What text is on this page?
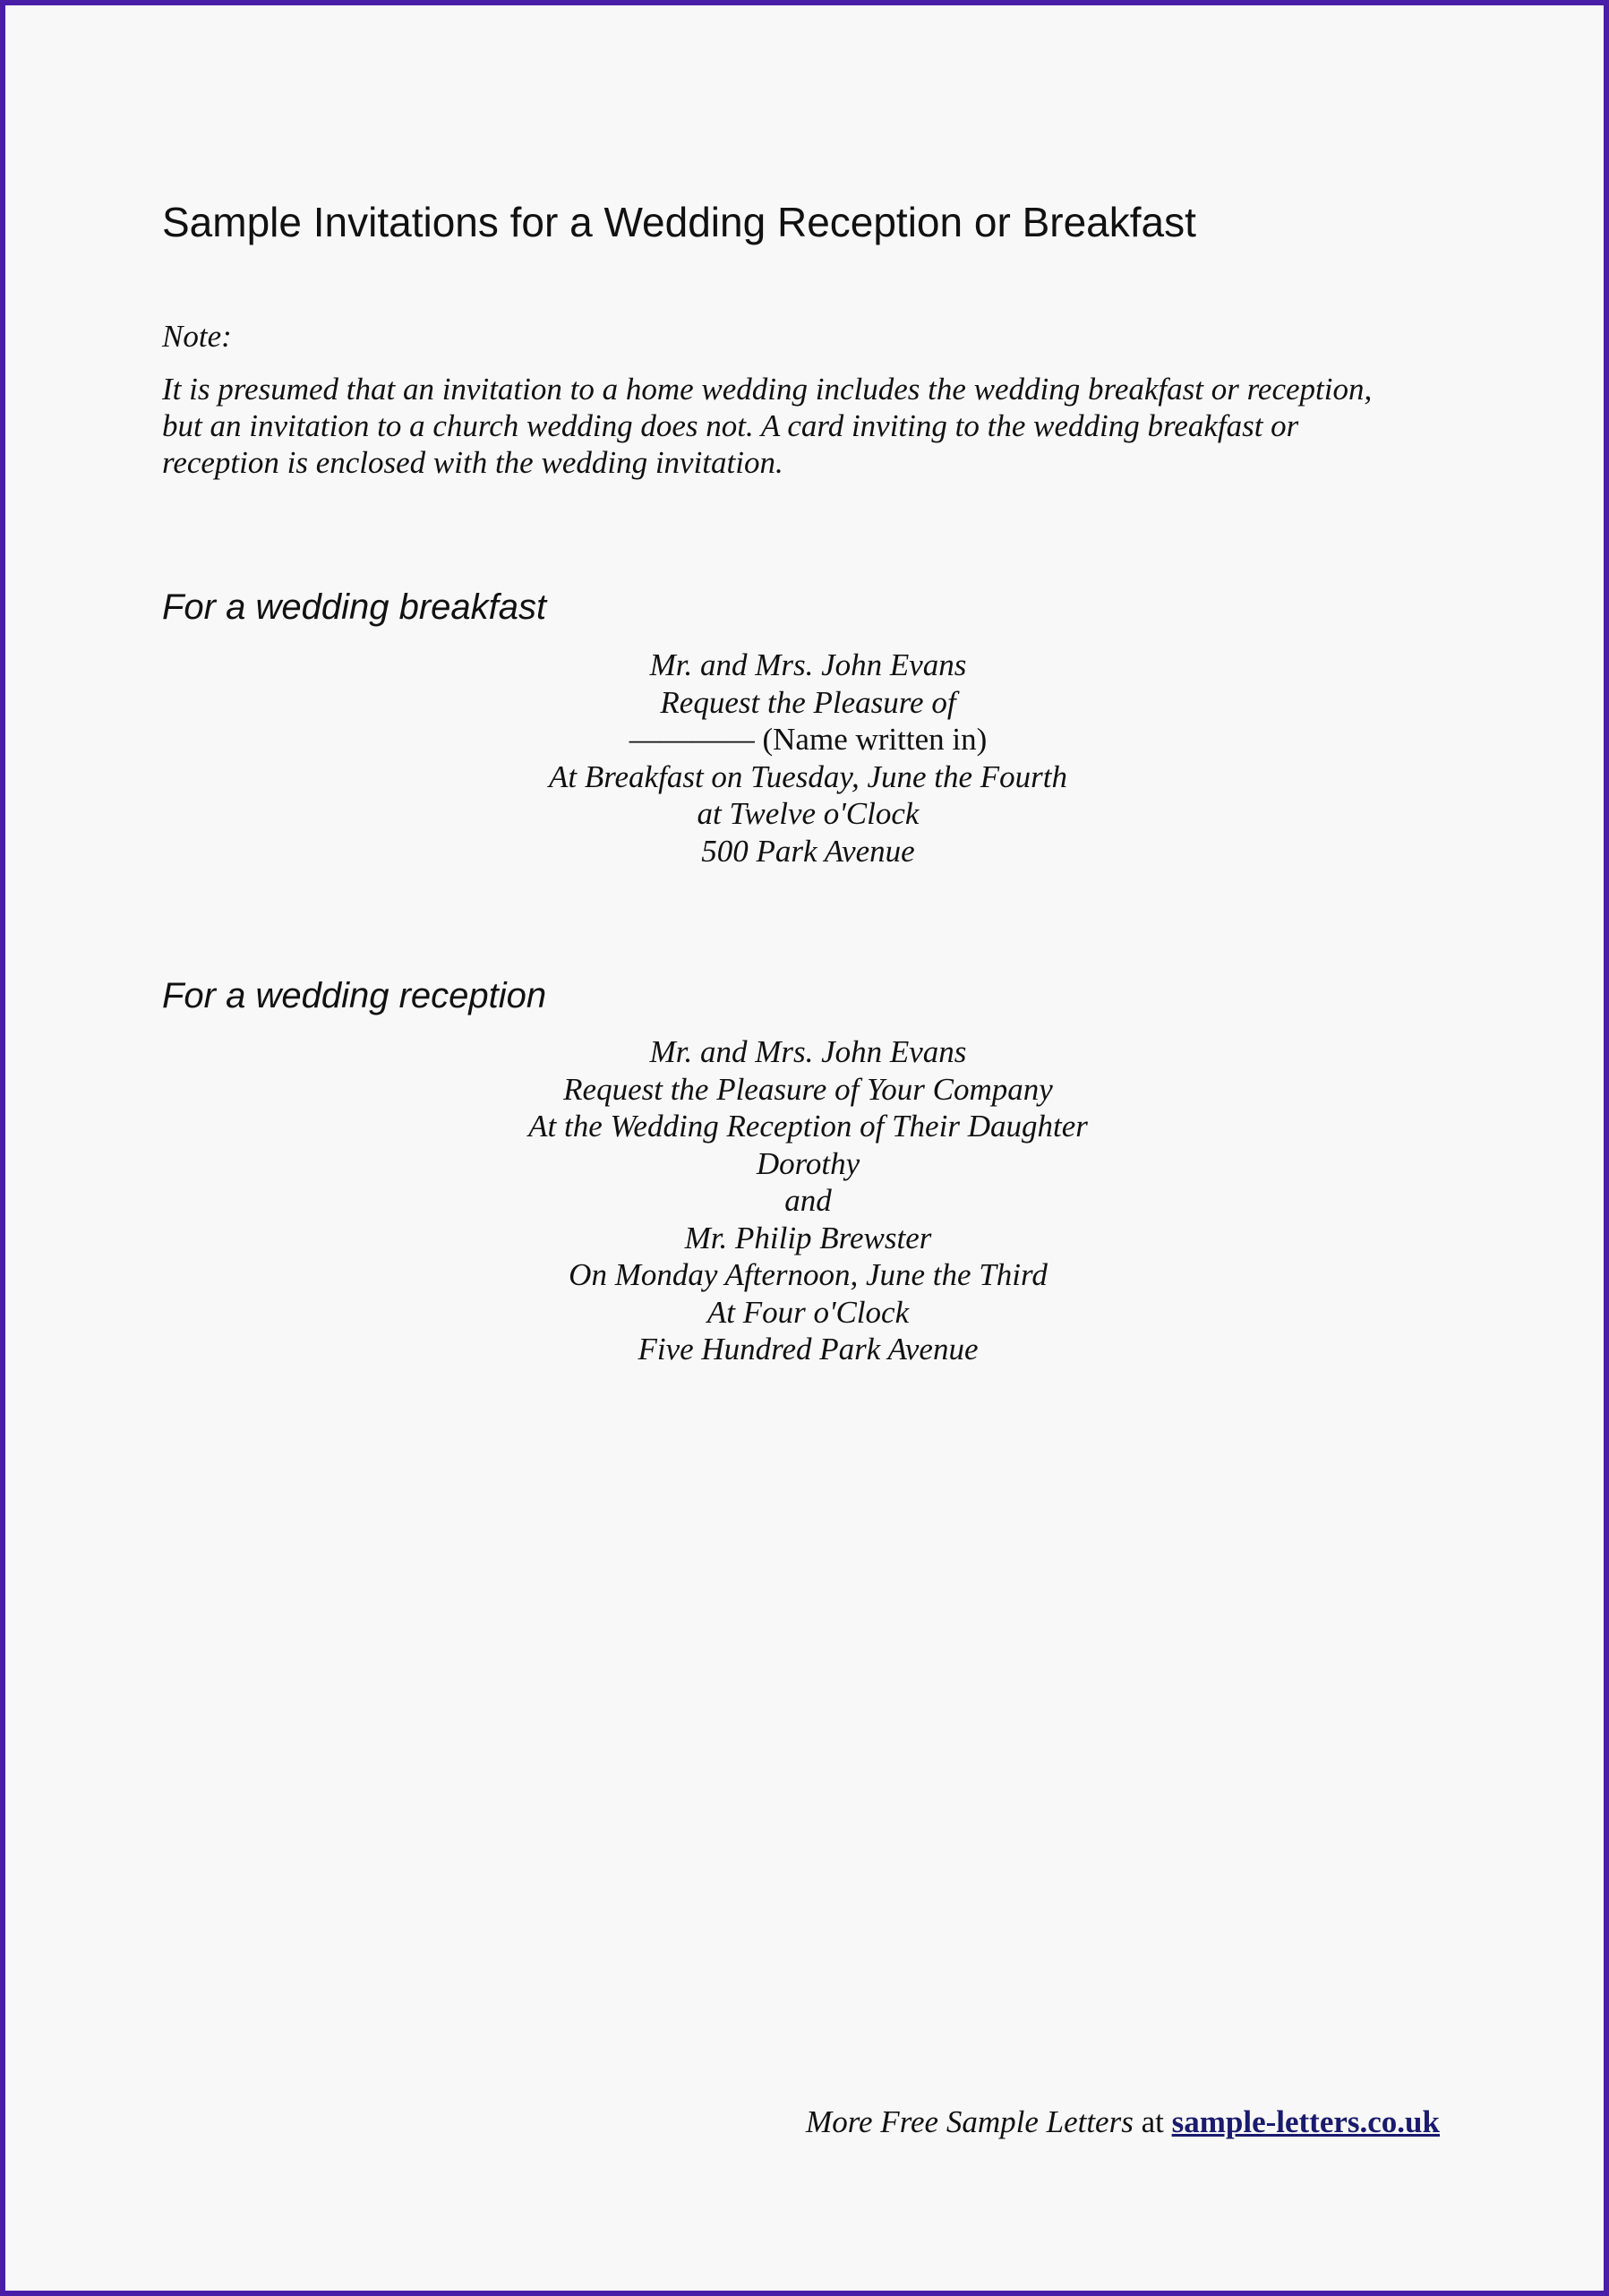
Sample Invitations for a Wedding Reception or Breakfast

Note:

It is presumed that an invitation to a home wedding includes the wedding breakfast or reception,
but an invitation to a church wedding does not. A card inviting to the wedding breakfast or
reception is enclosed with the wedding invitation.

For a wedding breakfast
Mr. and Mrs. John Evans
Request the Pleasure of
———— (Name written in)
At Breakfast on Tuesday, June the Fourth
at Twelve o'Clock
500 Park Avenue
For a wedding reception
Mr. and Mrs. John Evans
Request the Pleasure of Your Company
At the Wedding Reception of Their Daughter
Dorothy
and
Mr. Philip Brewster
On Monday Afternoon, June the Third
At Four o'Clock
Five Hundred Park Avenue

More Free Sample Letters at sample-letters.co.uk
